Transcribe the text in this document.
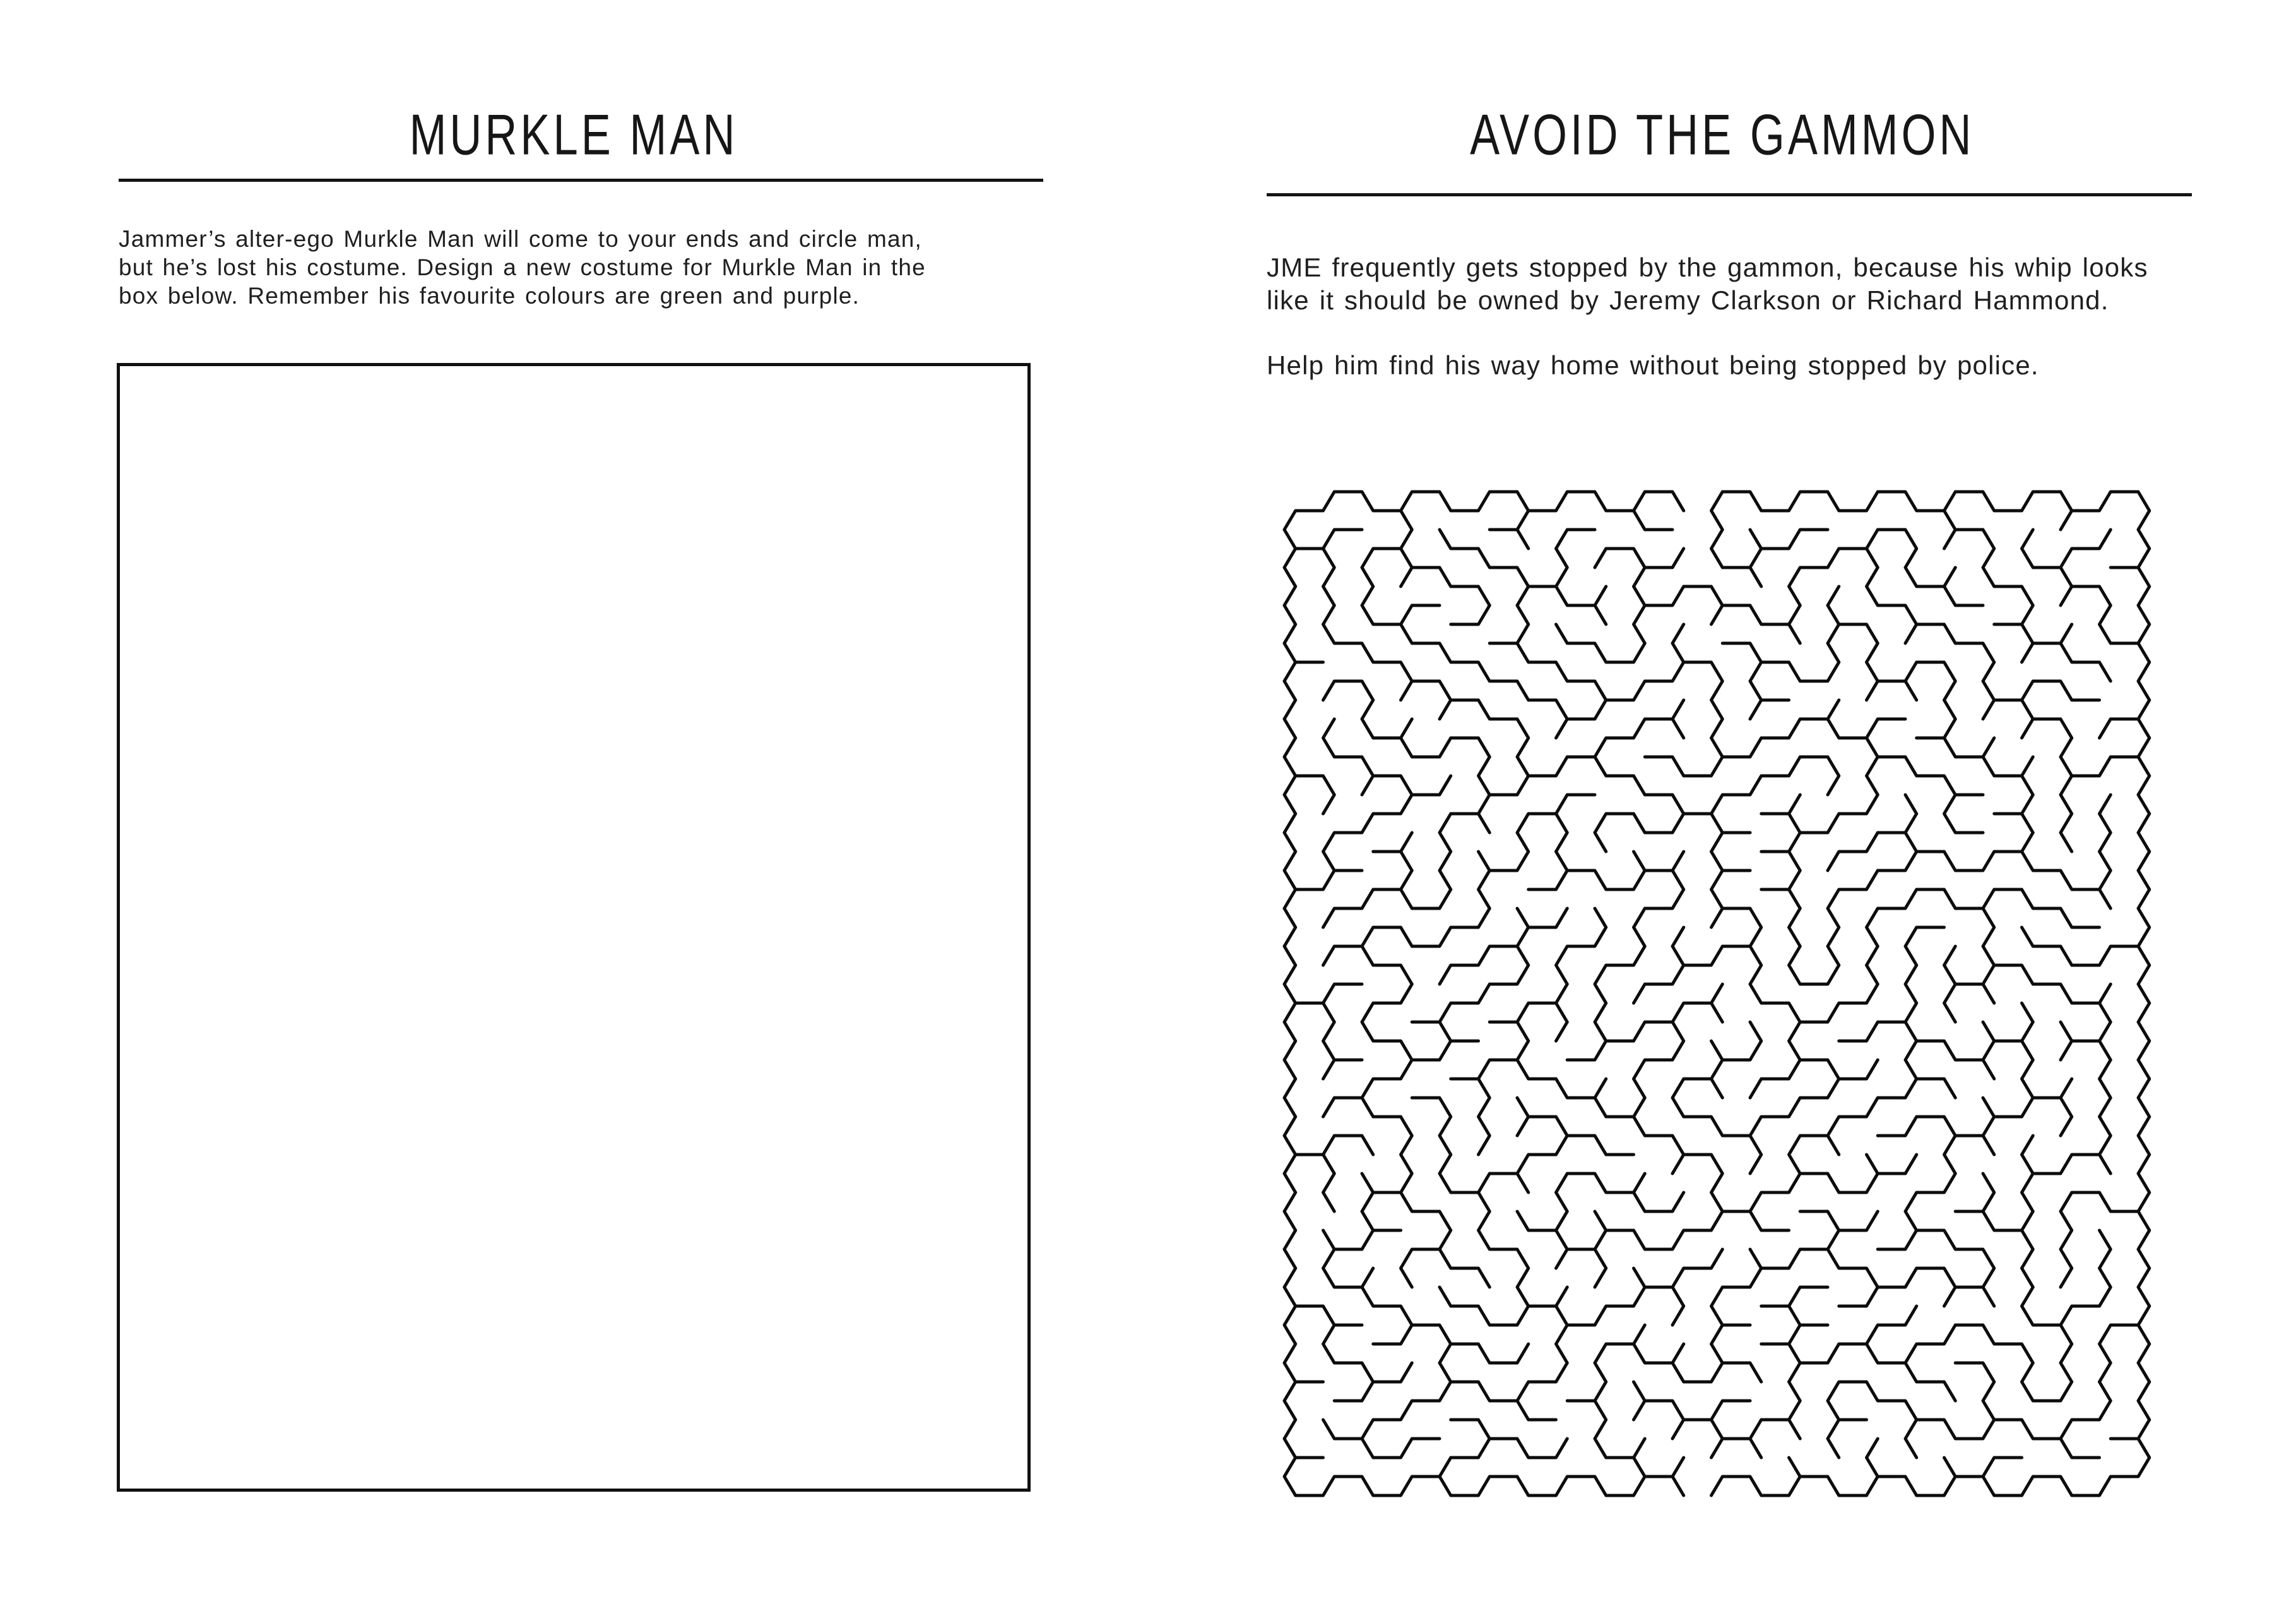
MURKLE MAN
Jammer’s alter-ego Murkle Man will come to your ends and circle man,
but he’s lost his costume. Design a new costume for Murkle Man in the
box below. Remember his favourite colours are green and purple.
AVOID THE GAMMON
JME frequently gets stopped by the gammon, because his whip looks
like it should be owned by Jeremy Clarkson or Richard Hammond.
Help him find his way home without being stopped by police.
